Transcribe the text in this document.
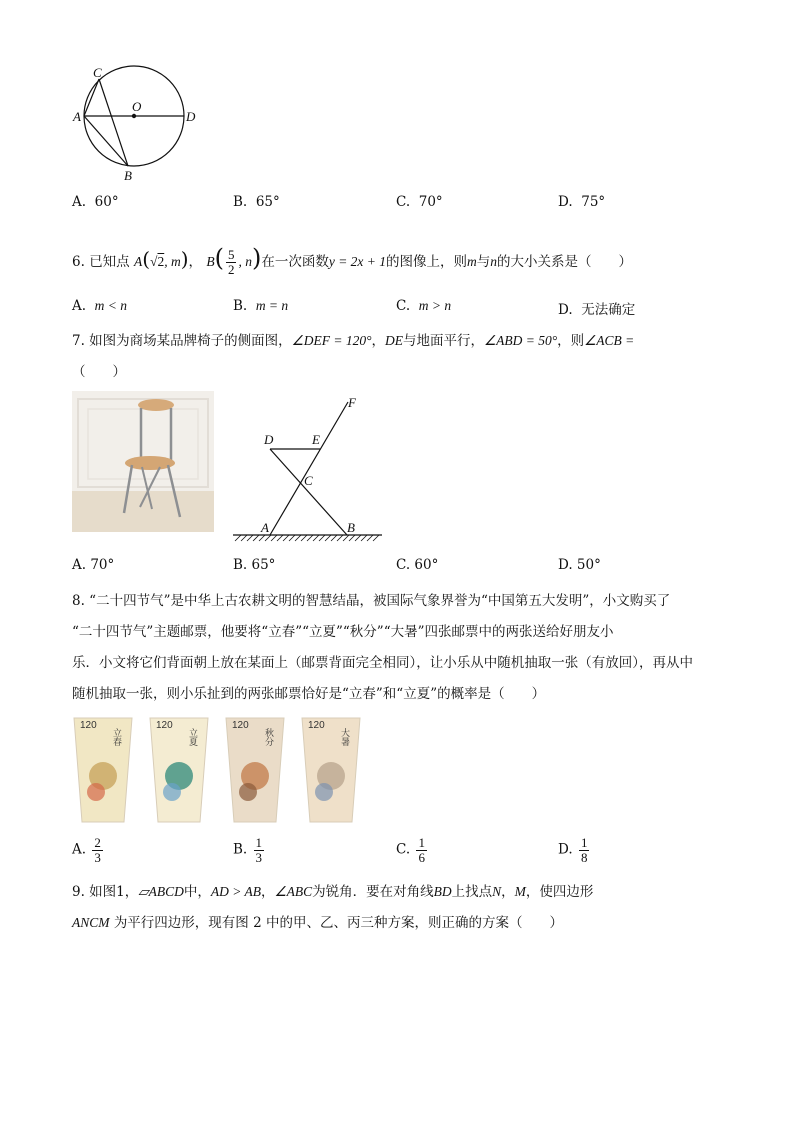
C
O
A	D
B
A. 60°	B. 65°	C. 70°	D. 75°
6. 已知点 A(√2, m)， $B( \frac{5}{2}$ , n)在一次函数y = 2x + 1的图像上，则m与n的大小关系是（　　）
A. m < n	B. m = n	C. m > n	D. 无法确定
7. 如图为商场某品牌椅子的侧面图，∠DEF = 120°，DE与地面平行，∠ABD = 50°，则∠ACB =
（　　）
F
D	E
C
A	B
A. 70°	B. 65°	C. 60°	D. 50°
8. “二十四节气”是中华上古农耕文明的智慧结晶，被国际气象界誉为“中国第五大发明”，小文购买了
“二十四节气”主题邮票，他要将“立春”“立夏”“秋分”“大暑”四张邮票中的两张送给好朋友小
乐．小文将它们背面朝上放在某面上（邮票背面完全相同），让小乐从中随机抽取一张（有放回），再从中
随机抽取一张，则小乐扯到的两张邮票恰好是“立春”和“立夏”的概率是（　　）
120
立春
120
立夏
120
秋分
120
大暑
A. $\frac{2}{3}$	B. $\frac{1}{3}$	C. $\frac{1}{6}$	D. $\frac{1}{8}$
9. 如图1，▱ABCD中，AD > AB，∠ABC为锐角．要在对角线BD上找点N，M，使四边形
ANCM 为平行四边形，现有图 2 中的甲、乙、丙三种方案，则正确的方案（　　）
